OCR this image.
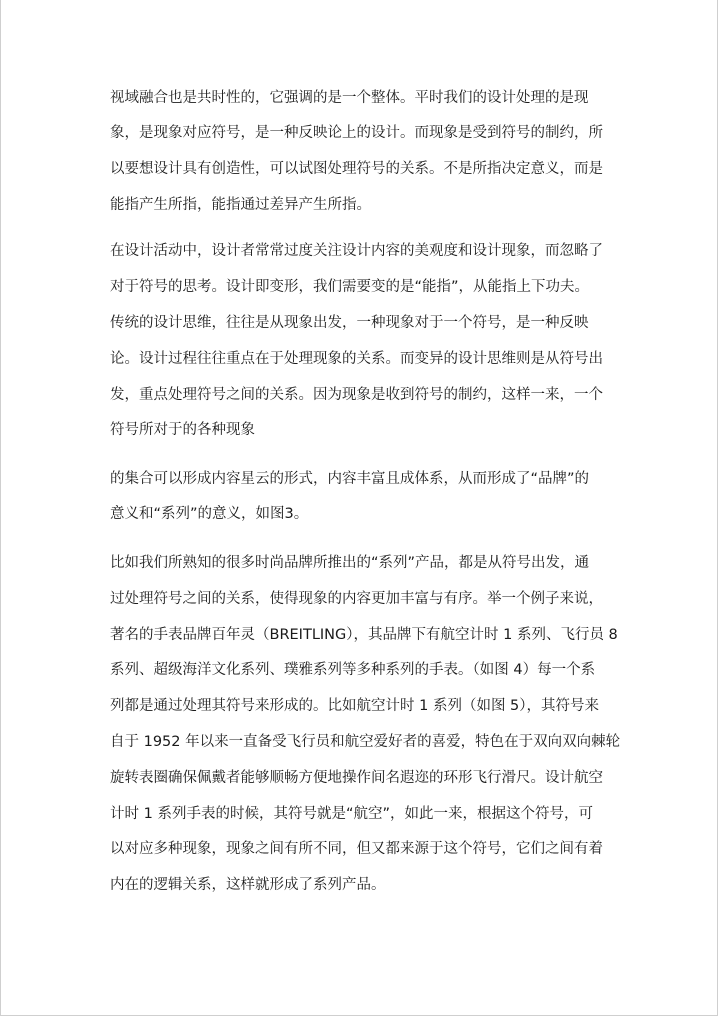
视域融合也是共时性的，它强调的是一个整体。平时我们的设计处理的是现
象，是现象对应符号，是一种反映论上的设计。而现象是受到符号的制约，所
以要想设计具有创造性，可以试图处理符号的关系。不是所指决定意义，而是
能指产生所指，能指通过差异产生所指。
在设计活动中，设计者常常过度关注设计内容的美观度和设计现象，而忽略了
对于符号的思考。设计即变形，我们需要变的是“能指”，从能指上下功夫。
传统的设计思维，往往是从现象出发，一种现象对于一个符号，是一种反映
论。设计过程往往重点在于处理现象的关系。而变异的设计思维则是从符号出
发，重点处理符号之间的关系。因为现象是收到符号的制约，这样一来，一个
符号所对于的各种现象
的集合可以形成内容星云的形式，内容丰富且成体系，从而形成了“品牌”的
意义和“系列”的意义，如图3。
比如我们所熟知的很多时尚品牌所推出的“系列”产品，都是从符号出发，通
过处理符号之间的关系，使得现象的内容更加丰富与有序。举一个例子来说，
著名的手表品牌百年灵（BREITLING），其品牌下有航空计时 1 系列、飞行员 8
系列、超级海洋文化系列、璞雅系列等多种系列的手表。（如图 4）每一个系
列都是通过处理其符号来形成的。比如航空计时 1 系列（如图 5），其符号来
自于 1952 年以来一直备受飞行员和航空爱好者的喜爱，特色在于双向双向棘轮
旋转表圈确保佩戴者能够顺畅方便地操作间名遐迩的环形飞行滑尺。设计航空
计时 1 系列手表的时候，其符号就是“航空”，如此一来，根据这个符号，可
以对应多种现象，现象之间有所不同，但又都来源于这个符号，它们之间有着
内在的逻辑关系，这样就形成了系列产品。
